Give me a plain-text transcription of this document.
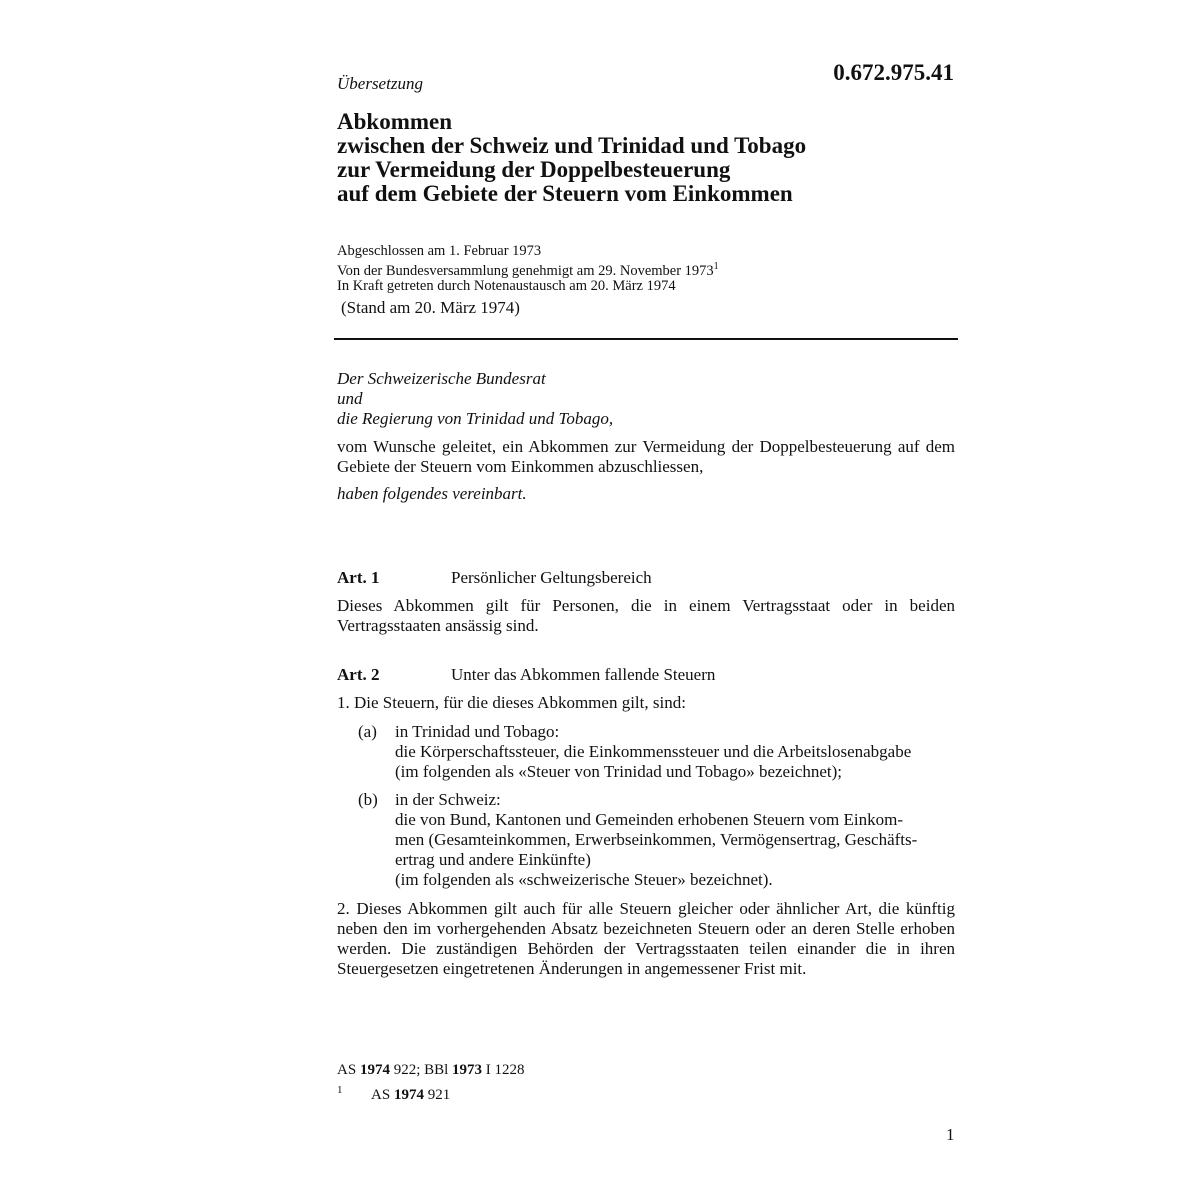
Übersetzung	0.672.975.41
Abkommen
zwischen der Schweiz und Trinidad und Tobago
zur Vermeidung der Doppelbesteuerung
auf dem Gebiete der Steuern vom Einkommen
Abgeschlossen am 1. Februar 1973
Von der Bundesversammlung genehmigt am 29. November 1973$^1$
In Kraft getreten durch Notenaustausch am 20. März 1974
(Stand am 20. März 1974)
Der Schweizerische Bundesrat
und
die Regierung von Trinidad und Tobago,
vom Wunsche geleitet, ein Abkommen zur Vermeidung der Doppelbesteuerung auf dem Gebiete der Steuern vom Einkommen abzuschliessen,
haben folgendes vereinbart.
Art. 1	Persönlicher Geltungsbereich
Dieses Abkommen gilt für Personen, die in einem Vertragsstaat oder in beiden Vertragsstaaten ansässig sind.
Art. 2	Unter das Abkommen fallende Steuern
1. Die Steuern, für die dieses Abkommen gilt, sind:
(a) in Trinidad und Tobago:
die Körperschaftssteuer, die Einkommenssteuer und die Arbeitslosenabgabe
(im folgenden als «Steuer von Trinidad und Tobago» bezeichnet);
(b) in der Schweiz:
die von Bund, Kantonen und Gemeinden erhobenen Steuern vom Einkom-
men (Gesamteinkommen, Erwerbseinkommen, Vermögensertrag, Geschäfts-
ertrag und andere Einkünfte)
(im folgenden als «schweizerische Steuer» bezeichnet).
2. Dieses Abkommen gilt auch für alle Steuern gleicher oder ähnlicher Art, die künftig neben den im vorhergehenden Absatz bezeichneten Steuern oder an deren Stelle erhoben werden. Die zuständigen Behörden der Vertragsstaaten teilen einander die in ihren Steuergesetzen eingetretenen Änderungen in angemessener Frist mit.
AS 1974 922; BBl 1973 I 1228
$^1$ AS 1974 921
1
